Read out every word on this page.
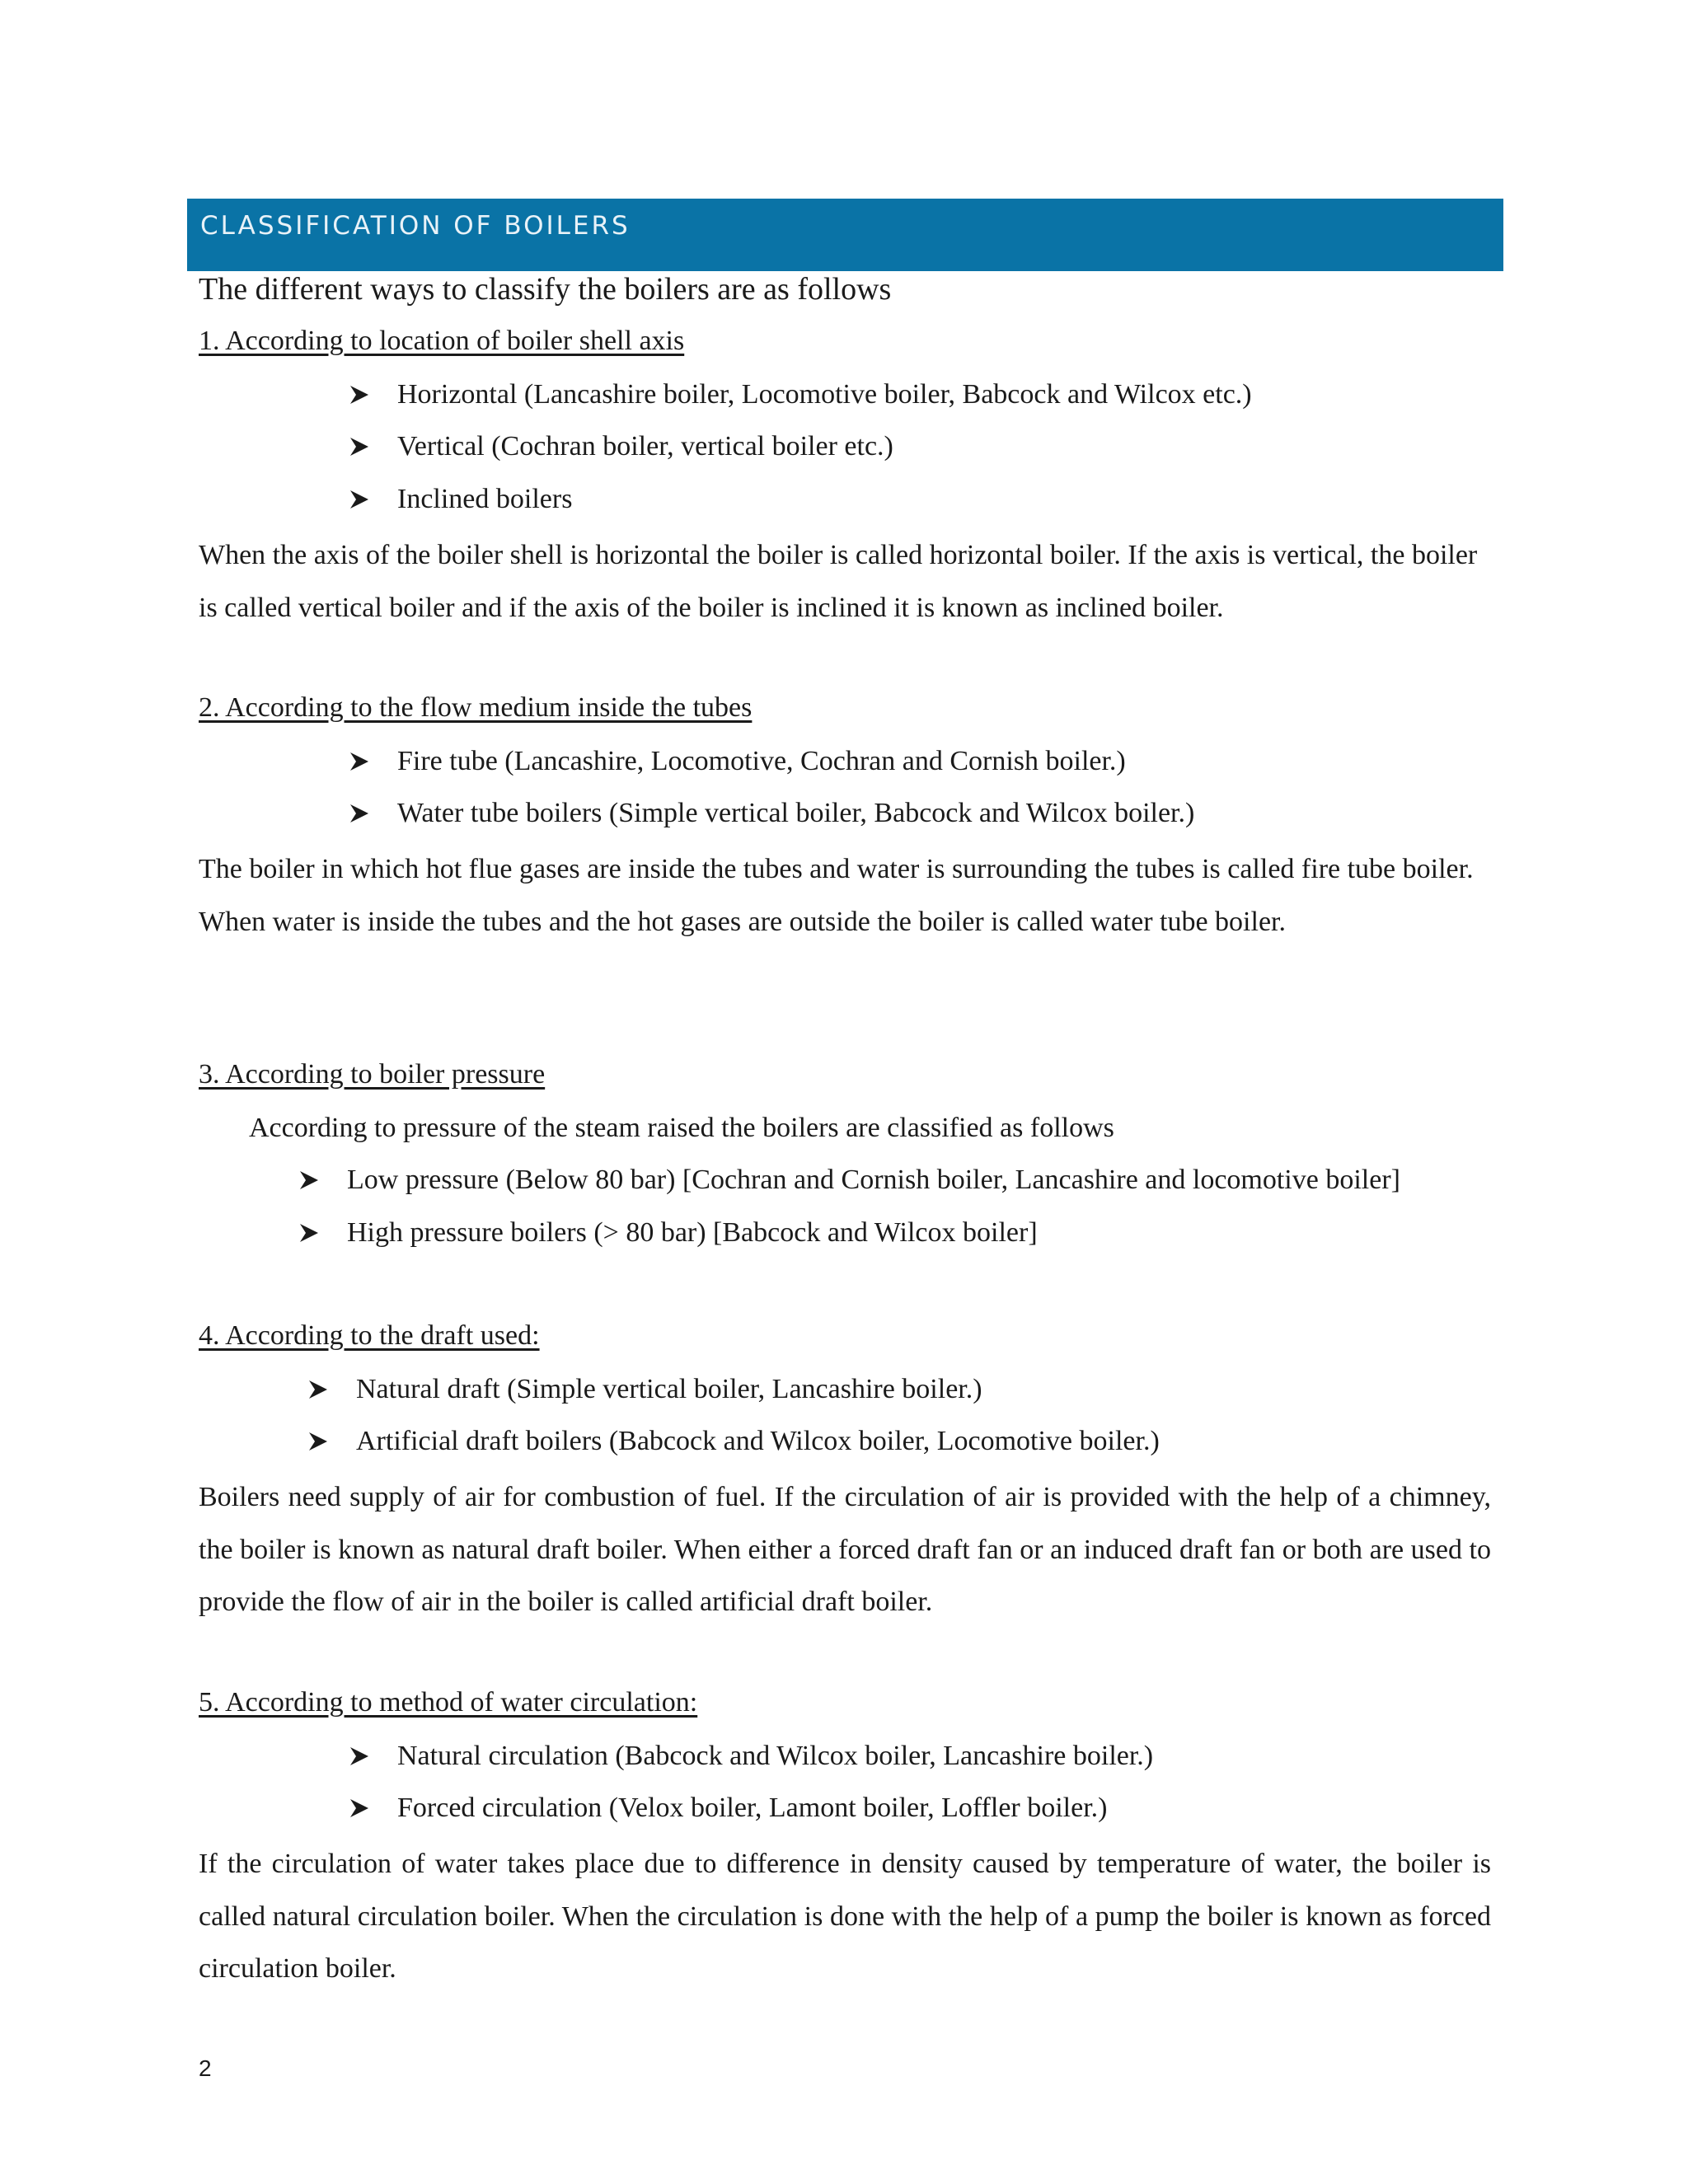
CLASSIFICATION OF BOILERS
The different ways to classify the boilers are as follows
1. According to location of boiler shell axis
Horizontal (Lancashire boiler, Locomotive boiler, Babcock and Wilcox etc.)
Vertical (Cochran boiler, vertical boiler etc.)
Inclined boilers
When the axis of the boiler shell is horizontal the boiler is called horizontal boiler. If the axis is vertical, the boiler is called vertical boiler and if the axis of the boiler is inclined it is known as inclined boiler.
2. According to the flow medium inside the tubes
Fire tube (Lancashire, Locomotive, Cochran and Cornish boiler.)
Water tube boilers (Simple vertical boiler, Babcock and Wilcox boiler.)
The boiler in which hot flue gases are inside the tubes and water is surrounding the tubes is called fire tube boiler. When water is inside the tubes and the hot gases are outside the boiler is called water tube boiler.
3. According to boiler pressure
According to pressure of the steam raised the boilers are classified as follows
Low pressure (Below 80 bar) [Cochran and Cornish boiler, Lancashire and locomotive boiler]
High pressure boilers (> 80 bar) [Babcock and Wilcox boiler]
4. According to the draft used:
Natural draft (Simple vertical boiler, Lancashire boiler.)
Artificial draft boilers (Babcock and Wilcox boiler, Locomotive boiler.)
Boilers need supply of air for combustion of fuel. If the circulation of air is provided with the help of a chimney, the boiler is known as natural draft boiler. When either a forced draft fan or an induced draft fan or both are used to provide the flow of air in the boiler is called artificial draft boiler.
5. According to method of water circulation:
Natural circulation (Babcock and Wilcox boiler, Lancashire boiler.)
Forced circulation (Velox boiler, Lamont boiler, Loffler boiler.)
If the circulation of water takes place due to difference in density caused by temperature of water, the boiler is called natural circulation boiler. When the circulation is done with the help of a pump the boiler is known as forced circulation boiler.
2
